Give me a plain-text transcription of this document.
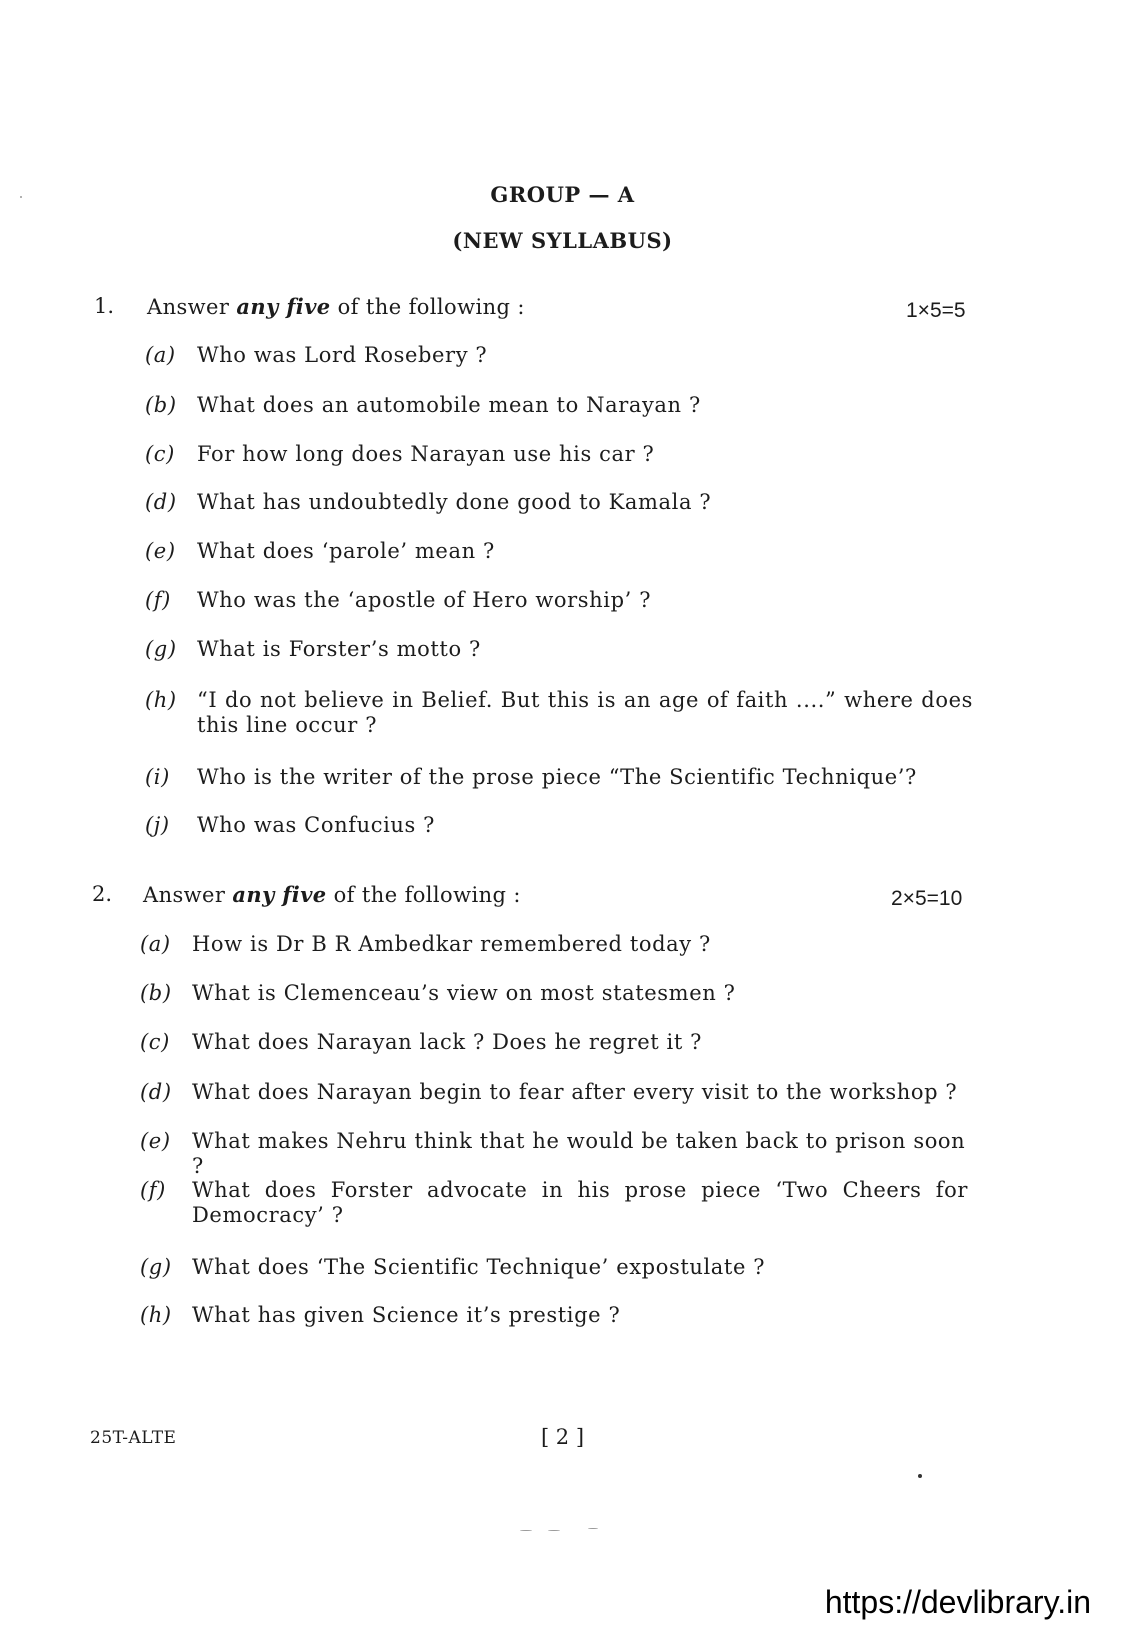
GROUP — A
(NEW SYLLABUS)
1. Answer any five of the following :	1×5=5
(a)	Who was Lord Rosebery ?
(b) What does an automobile mean to Narayan ?
(c)	For how long does Narayan use his car ?
(d) What has undoubtedly done good to Kamala ?
(e)	What does ‘parole’ mean ?
(f)	Who was the ‘apostle of Hero worship’ ?
(g) What is Forster’s motto ?
(h) “I do not believe in Belief. But this is an age of faith ....” where does this line occur ?
(i)	Who is the writer of the prose piece “The Scientific Technique’?
(j)	Who was Confucius ?
2. Answer any five of the following :	2×5=10
(a)	How is Dr B R Ambedkar remembered today ?
(b) What is Clemenceau’s view on most statesmen ?
(c)	What does Narayan lack ? Does he regret it ?
(d) What does Narayan begin to fear after every visit to the workshop ?
(e)	What makes Nehru think that he would be taken back to prison soon ?
(f)	What does Forster advocate in his prose piece ‘Two Cheers for Democracy’ ?
(g) What does ‘The Scientific Technique’ expostulate ?
(h) What has given Science it’s prestige ?
25T-ALTE	[ 2 ]
https://devlibrary.in
